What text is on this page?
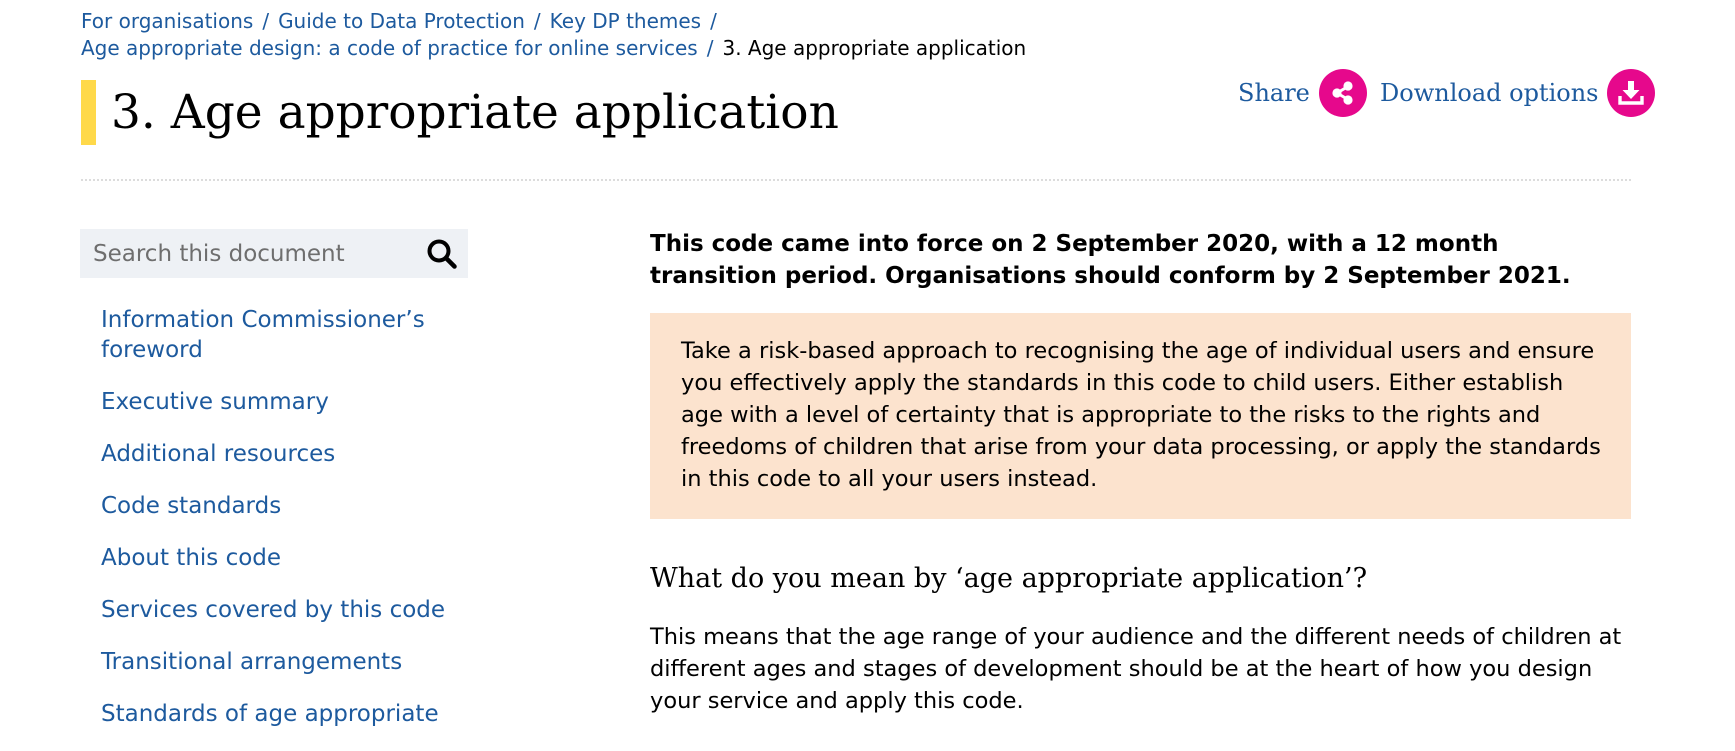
For organisations / Guide to Data Protection / Key DP themes /
Age appropriate design: a code of practice for online services / 3. Age appropriate application
3. Age appropriate application	Share	Download options
Search this document
Information Commissioner’s foreword
Executive summary
Additional resources
Code standards
About this code
Services covered by this code
Transitional arrangements
Standards of age appropriate

This code came into force on 2 September 2020, with a 12 month transition period. Organisations should conform by 2 September 2021.

Take a risk-based approach to recognising the age of individual users and ensure you effectively apply the standards in this code to child users. Either establish age with a level of certainty that is appropriate to the risks to the rights and freedoms of children that arise from your data processing, or apply the standards in this code to all your users instead.
What do you mean by ‘age appropriate application’?

This means that the age range of your audience and the different needs of children at different ages and stages of development should be at the heart of how you design your service and apply this code.
